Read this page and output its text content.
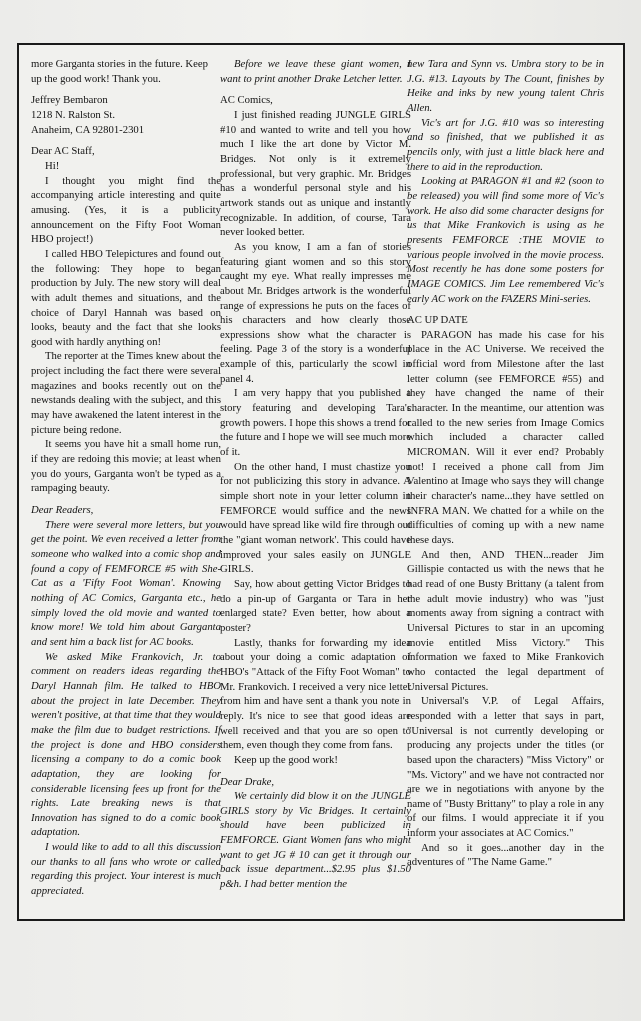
more Garganta stories in the future. Keep up the good work! Thank you.

Jeffrey Bembaron

1218 N. Ralston St.

Anaheim, CA 92801-2301

Dear AC Staff,

Hi!

I thought you might find the accompanying article interesting and quite amusing. (Yes, it is a publicity announcement on the Fifty Foot Woman HBO project!)

I called HBO Telepictures and found out the following: They hope to began production by July. The new story will deal with adult themes and situations, and the choice of Daryl Hannah was based on looks, beauty and the fact that she looks good with hardly anything on!

The reporter at the Times knew about the project including the fact there were several magazines and books recently out on the newstands dealing with the subject, and this may have awakened the latent interest in the picture being redone.

It seems you have hit a small home run, if they are redoing this movie; at least when you do yours, Garganta won't be typed as a rampaging beauty.

Dear Readers,

There were several more letters, but you get the point. We even received a letter from someone who walked into a comic shop and found a copy of FEMFORCE #5 with She-Cat as a 'Fifty Foot Woman'. Knowing nothing of AC Comics, Garganta etc., he simply loved the old movie and wanted to know more! We told him about Garganta and sent him a back list for AC books.

We asked Mike Frankovich, Jr. to comment on readers ideas regarding the Daryl Hannah film. He talked to HBO about the project in late December. They weren't positive, at that time that they would make the film due to budget restrictions. If the project is done and HBO considers licensing a company to do a comic book adaptation, they are looking for considerable licensing fees up front for the rights. Late breaking news is that Innovation has signed to do a comic book adaptation.

I would like to add to all this discussion our thanks to all fans who wrote or called regarding this project. Your interest is much appreciated.

Before we leave these giant women, I want to print another Drake Letcher letter.

AC Comics,

I just finished reading JUNGLE GIRLS #10 and wanted to write and tell you how much I like the art done by Victor M. Bridges. Not only is it extremely professional, but very graphic. Mr. Bridges has a wonderful personal style and his artwork stands out as unique and instantly recognizable. In addition, of course, Tara never looked better.

As you know, I am a fan of stories featuring giant women and so this story caught my eye. What really impresses me about Mr. Bridges artwork is the wonderful range of expressions he puts on the faces of his characters and how clearly those expressions show what the character is feeling. Page 3 of the story is a wonderful example of this, particularly the scowl in panel 4.

I am very happy that you published a story featuring and developing Tara's growth powers. I hope this shows a trend for the future and I hope we will see much more of it.

On the other hand, I must chastize you for not publicizing this story in advance. A simple short note in your letter column in FEMFORCE would suffice and the news would have spread like wild fire through out the "giant woman network'. This could have improved your sales easily on JUNGLE GIRLS.

Say, how about getting Victor Bridges to do a pin-up of Garganta or Tara in her enlarged state? Even better, how about a poster?

Lastly, thanks for forwarding my idea about your doing a comic adaptation of HBO's "Attack of the Fifty Foot Woman" to Mr. Frankovich. I received a very nice letter from him and have sent a thank you note in reply. It's nice to see that good ideas are well received and that you are so open to them, even though they come from fans.

Keep up the good work!

Dear Drake,

We certainly did blow it on the JUNGLE GIRLS story by Vic Bridges. It certainly should have been publicized in FEMFORCE. Giant Women fans who might want to get JG # 10 can get it through our back issue department...$2.95 plus $1.50 p&h. I had better mention the

new Tara and Synn vs. Umbra story to be in J.G. #13. Layouts by The Count, finishes by Heike and inks by new young talent Chris Allen.

Vic's art for J.G. #10 was so interesting and so finished, that we published it as pencils only, with just a little black here and there to aid in the reproduction.

Looking at PARAGON #1 and #2 (soon to be released) you will find some more of Vic's work. He also did some character designs for us that Mike Frankovich is using as he presents FEMFORCE :THE MOVIE to various people involved in the movie process. Most recently he has done some posters for IMAGE COMICS. Jim Lee remembered Vic's early AC work on the FAZERS Mini-series.

AC UP DATE

PARAGON has made his case for his place in the AC Universe. We received the official word from Milestone after the last letter column (see FEMFORCE #55) and they have changed the name of their character. In the meantime, our attention was called to the new series from Image Comics which included a character called MICROMAN. Will it ever end? Probably not! I received a phone call from Jim Valentino at Image who says they will change their character's name...they have settled on INFRA MAN. We chatted for a while on the difficulties of coming up with a new name these days.

And then, AND THEN...reader Jim Gillispie contacted us with the news that he had read of one Busty Brittany (a talent from the adult movie industry) who was "just moments away from signing a contract with Universal Pictures to star in an upcoming movie entitled Miss Victory." This information we faxed to Mike Frankovich who contacted the legal department of Universal Pictures.

Universal's V.P. of Legal Affairs, responded with a letter that says in part, "Universal is not currently developing or producing any projects under the titles (or based upon the characters) "Miss Victory" or "Ms. Victory" and we have not contracted nor are we in negotiations with anyone by the name of "Busty Brittany" to play a role in any of our films. I would appreciate it if you inform your associates at AC Comics."

And so it goes...another day in the adventures of "The Name Game."
